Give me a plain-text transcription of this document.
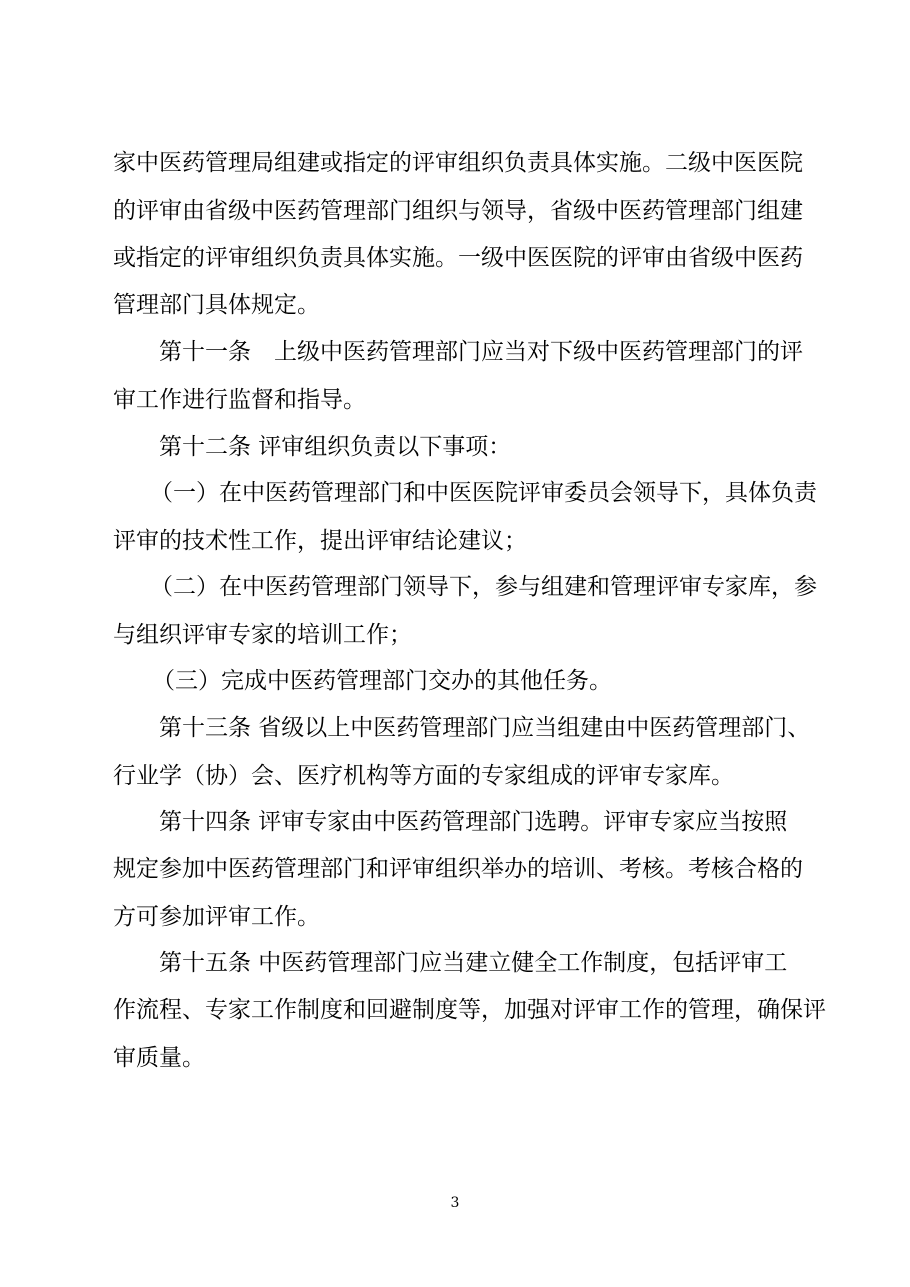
家中医药管理局组建或指定的评审组织负责具体实施。二级中医医院
的评审由省级中医药管理部门组织与领导，省级中医药管理部门组建
或指定的评审组织负责具体实施。一级中医医院的评审由省级中医药
管理部门具体规定。
第十一条　上级中医药管理部门应当对下级中医药管理部门的评
审工作进行监督和指导。
第十二条 评审组织负责以下事项：
（一）在中医药管理部门和中医医院评审委员会领导下，具体负责
评审的技术性工作，提出评审结论建议；
（二）在中医药管理部门领导下，参与组建和管理评审专家库，参
与组织评审专家的培训工作；
（三）完成中医药管理部门交办的其他任务。
第十三条 省级以上中医药管理部门应当组建由中医药管理部门、
行业学（协）会、医疗机构等方面的专家组成的评审专家库。
第十四条 评审专家由中医药管理部门选聘。评审专家应当按照
规定参加中医药管理部门和评审组织举办的培训、考核。考核合格的
方可参加评审工作。
第十五条 中医药管理部门应当建立健全工作制度，包括评审工
作流程、专家工作制度和回避制度等，加强对评审工作的管理，确保评
审质量。
3
